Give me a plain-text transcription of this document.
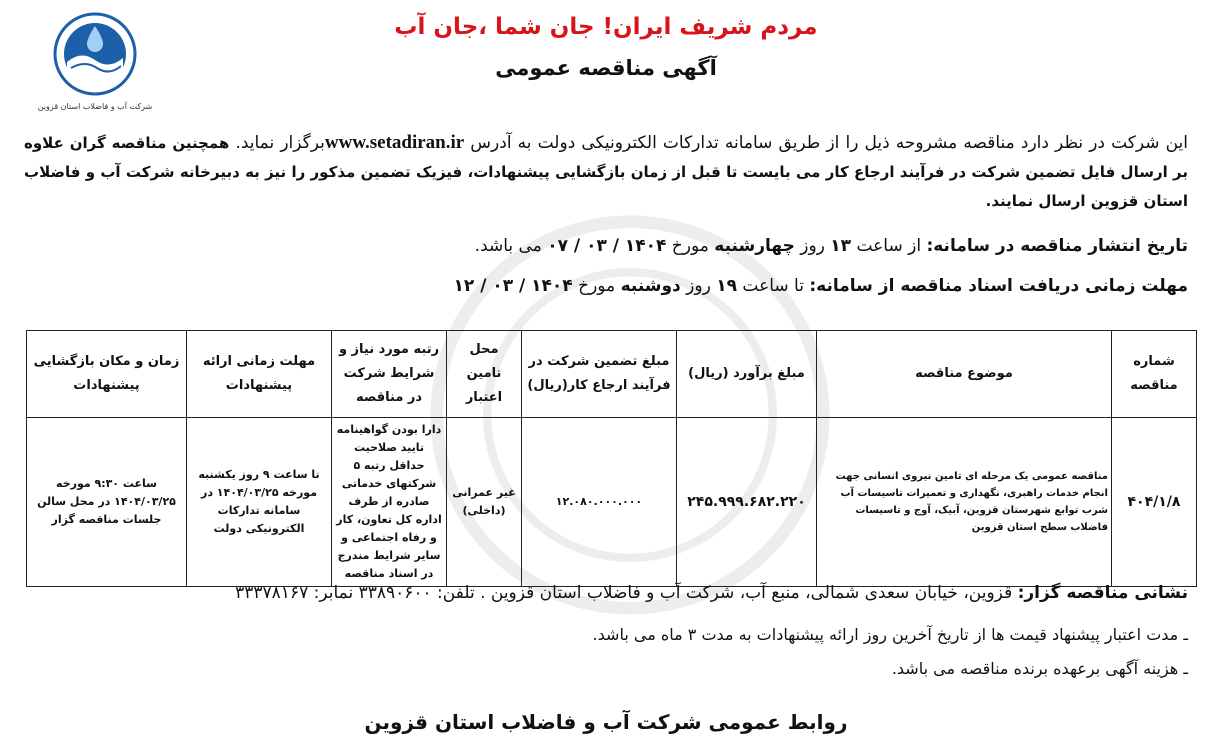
شرکت آب و فاضلاب استان قزوین
مردم شریف ایران! جان شما ،جان آب
آگهی مناقصه عمومی
این شرکت در نظر دارد مناقصه مشروحه ذیل را از طریق سامانه تدارکات الکترونیکی دولت به آدرس www.setadiran.irبرگزار نماید. همچنین مناقصه گران علاوه بر ارسال فایل تضمین شرکت در فرآیند ارجاع کار می بایست تا قبل از زمان بازگشایی پیشنهادات، فیزیک تضمین مذکور را نیز به دبیرخانه شرکت آب و فاضلاب استان قزوین ارسال نمایند.
تاریخ انتشار مناقصه در سامانه: از ساعت ۱۳ روز چهارشنبه مورخ ۱۴۰۴ / ۰۳ / ۰۷ می باشد.
مهلت زمانی دریافت اسناد مناقصه از سامانه: تا ساعت ۱۹ روز دوشنبه مورخ ۱۴۰۴ / ۰۳ / ۱۲
شماره مناقصه	موضوع مناقصه	مبلغ برآورد (ریال)	مبلغ تضمین شرکت در فرآیند ارجاع کار(ریال)	محل تامین اعتبار	رتبه مورد نیاز و شرایط شرکت در مناقصه	مهلت زمانی ارائه پیشنهادات	زمان و مکان بازگشایی پیشنهادات
۴۰۴/۱/۸	مناقصه عمومی یک مرحله ای تامین نیروی انسانی جهت انجام خدمات راهبری، نگهداری و تعمیرات تاسیسات آب شرب توابع شهرستان قزوین، آبیک، آوج و تاسیسات فاضلاب سطح استان قزوین	۲۴۵.۹۹۹.۶۸۲.۲۲۰	۱۲.۰۸۰.۰۰۰.۰۰۰	غیر عمرانی (داخلی)	دارا بودن گواهینامه تایید صلاحیت حداقل رتبه ۵ شرکتهای خدماتی صادره از طرف اداره کل تعاون، کار و رفاه اجتماعی و سایر شرایط مندرج در اسناد مناقصه	تا ساعت ۹ روز یکشنبه مورخه ۱۴۰۴/۰۳/۲۵ در سامانه تدارکات الکترونیکی دولت	ساعت ۹:۳۰ مورخه ۱۴۰۴/۰۳/۲۵ در محل سالن جلسات مناقصه گزار
نشانی مناقصه گزار: قزوین، خیابان سعدی شمالی، منبع آب، شرکت آب و فاضلاب استان قزوین . تلفن: ۳۳۸۹۰۶۰۰ نمابر: ۳۳۳۷۸۱۶۷
ـ مدت اعتبار پیشنهاد قیمت ها از تاریخ آخرین روز ارائه پیشنهادات به مدت ۳ ماه می باشد.
ـ هزینه آگهی برعهده برنده مناقصه می باشد.
روابط عمومی شرکت آب و فاضلاب استان قزوین
